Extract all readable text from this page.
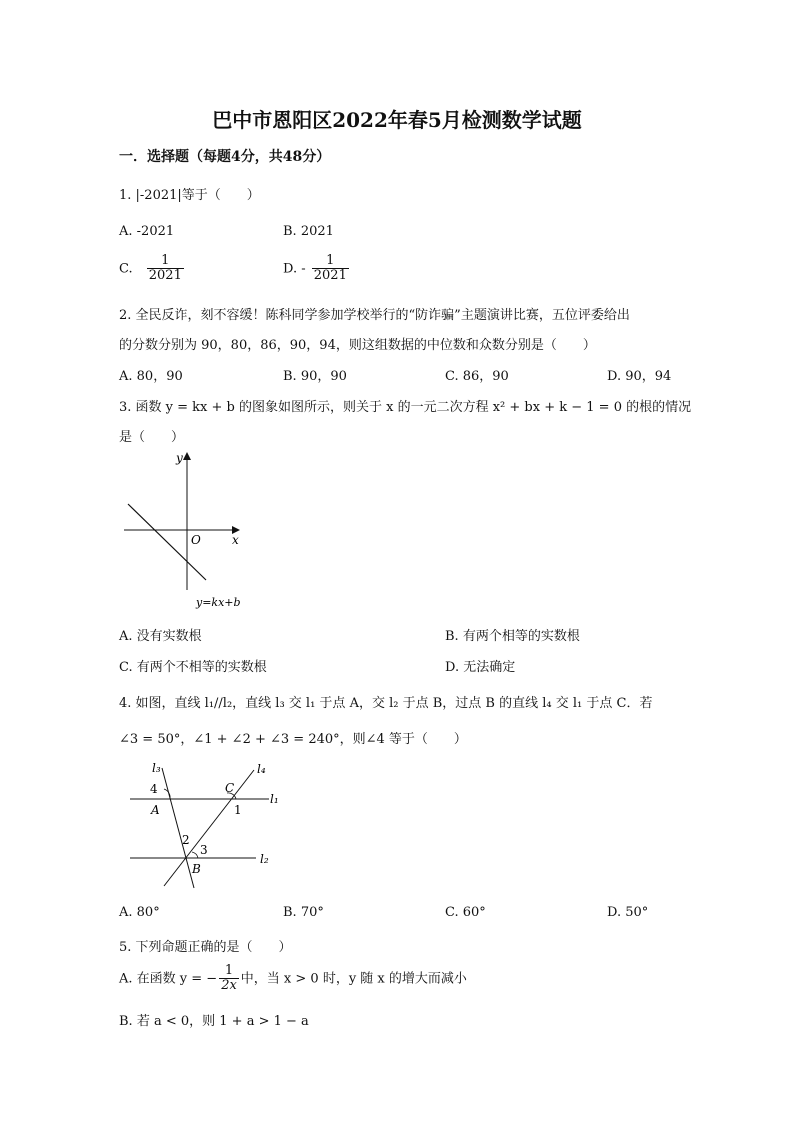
巴中市恩阳区2022年春5月检测数学试题
一．选择题（每题4分，共48分）
1. |-2021|等于（　　）
A. -2021	B. 2021
C. $\frac{1}{2021}$	D. - $\frac{1}{2021}$
2. 全民反诈，刻不容缓！陈科同学参加学校举行的“防诈骗”主题演讲比赛，五位评委给出
的分数分别为 90，80，86，90，94，则这组数据的中位数和众数分别是（　　）
A. 80，90	B. 90，90	C. 86，90	D. 90，94
3. 函数 y = kx + b 的图象如图所示，则关于 x 的一元二次方程 x² + bx + k − 1 = 0 的根的情况
是（　　）
y
x
O
y=kx+b
A. 没有实数根	B. 有两个相等的实数根
C. 有两个不相等的实数根	D. 无法确定
4. 如图，直线 l₁//l₂，直线 l₃ 交 l₁ 于点 A，交 l₂ 于点 B，过点 B 的直线 l₄ 交 l₁ 于点 C．若
∠3 = 50°，∠1 + ∠2 + ∠3 = 240°，则∠4 等于（　　）
l₃	l₄
l₁
l₂
A
C
B
1
2
3
4
A. 80°	B. 70°	C. 60°	D. 50°
5. 下列命题正确的是（　　）
A. 在函数 y = − $\frac{1}{2x}$ 中，当 x > 0 时，y 随 x 的增大而减小
B. 若 a < 0，则 1 + a > 1 − a
